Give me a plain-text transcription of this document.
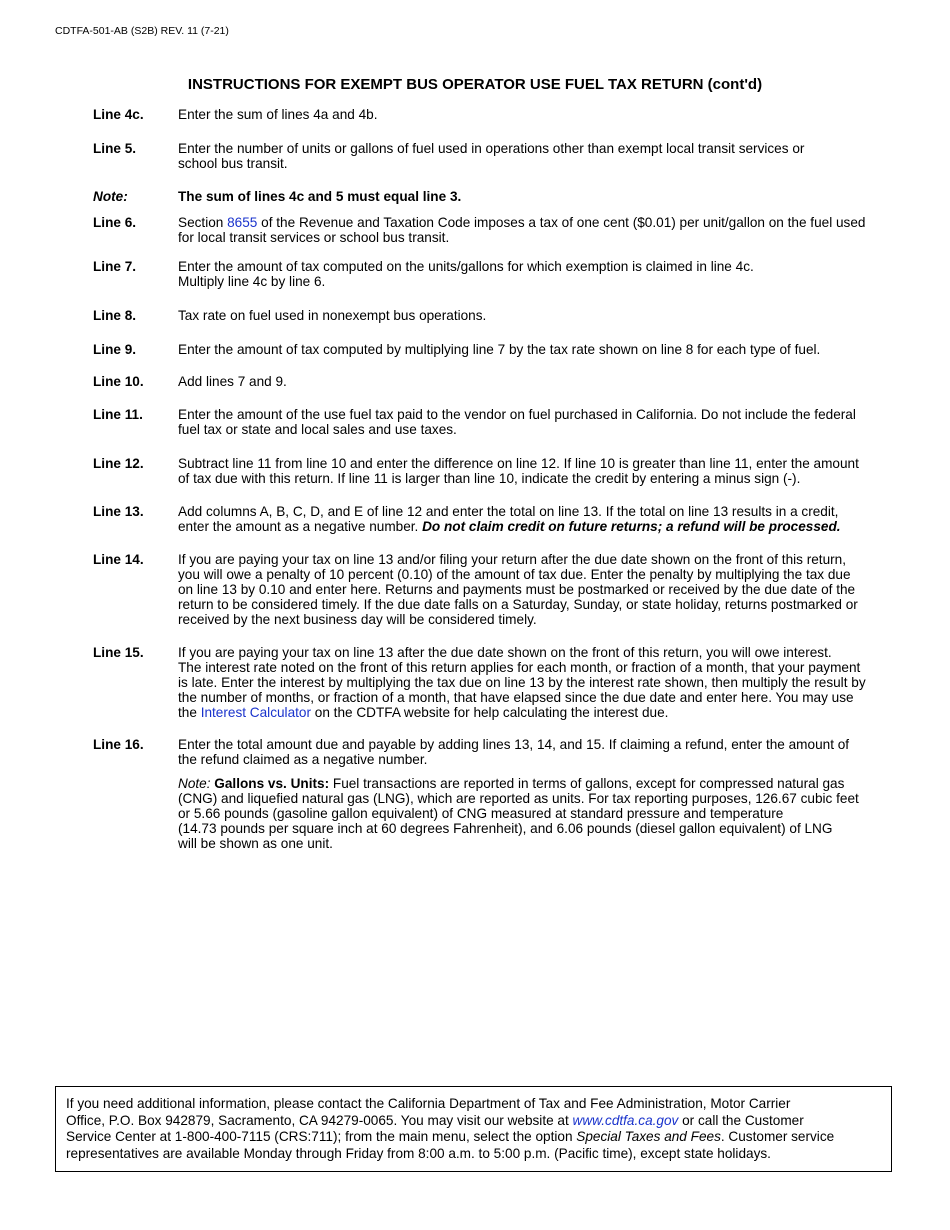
CDTFA-501-AB (S2B) REV. 11 (7-21)
INSTRUCTIONS FOR EXEMPT BUS OPERATOR USE FUEL TAX RETURN (cont'd)
Line 4c.	Enter the sum of lines 4a and 4b.

Line 5.	Enter the number of units or gallons of fuel used in operations other than exempt local transit services or

school bus transit.

Note:	The sum of lines 4c and 5 must equal line 3.

Line 6.	Section 8655 of the Revenue and Taxation Code imposes a tax of one cent ($0.01) per unit/gallon on the fuel used

for local transit services or school bus transit.

Line 7.	Enter the amount of tax computed on the units/gallons for which exemption is claimed in line 4c.

Multiply line 4c by line 6.

Line 8.	Tax rate on fuel used in nonexempt bus operations.

Line 9.	Enter the amount of tax computed by multiplying line 7 by the tax rate shown on line 8 for each type of fuel.

Line 10.	Add lines 7 and 9.

Line 11.	Enter the amount of the use fuel tax paid to the vendor on fuel purchased in California. Do not include the federal

fuel tax or state and local sales and use taxes.

Line 12.	Subtract line 11 from line 10 and enter the difference on line 12. If line 10 is greater than line 11, enter the amount

of tax due with this return. If line 11 is larger than line 10, indicate the credit by entering a minus sign (-).

Line 13.	Add columns A, B, C, D, and E of line 12 and enter the total on line 13. If the total on line 13 results in a credit,

enter the amount as a negative number. Do not claim credit on future returns; a refund will be processed.

Line 14.	If you are paying your tax on line 13 and/or filing your return after the due date shown on the front of this return,

you will owe a penalty of 10 percent (0.10) of the amount of tax due. Enter the penalty by multiplying the tax due

on line 13 by 0.10 and enter here. Returns and payments must be postmarked or received by the due date of the

return to be considered timely. If the due date falls on a Saturday, Sunday, or state holiday, returns postmarked or

received by the next business day will be considered timely.

Line 15.	If you are paying your tax on line 13 after the due date shown on the front of this return, you will owe interest.

The interest rate noted on the front of this return applies for each month, or fraction of a month, that your payment

is late. Enter the interest by multiplying the tax due on line 13 by the interest rate shown, then multiply the result by

the number of months, or fraction of a month, that have elapsed since the due date and enter here. You may use

the Interest Calculator on the CDTFA website for help calculating the interest due.

Line 16.	Enter the total amount due and payable by adding lines 13, 14, and 15. If claiming a refund, enter the amount of

the refund claimed as a negative number.

Note: Gallons vs. Units: Fuel transactions are reported in terms of gallons, except for compressed natural gas

(CNG) and liquefied natural gas (LNG), which are reported as units. For tax reporting purposes, 126.67 cubic feet

or 5.66 pounds (gasoline gallon equivalent) of CNG measured at standard pressure and temperature

(14.73 pounds per square inch at 60 degrees Fahrenheit), and 6.06 pounds (diesel gallon equivalent) of LNG

will be shown as one unit.

If you need additional information, please contact the California Department of Tax and Fee Administration, Motor Carrier

Office, P.O. Box 942879, Sacramento, CA 94279-0065. You may visit our website at www.cdtfa.ca.gov or call the Customer

Service Center at 1-800-400-7115 (CRS:711); from the main menu, select the option Special Taxes and Fees. Customer service

representatives are available Monday through Friday from 8:00 a.m. to 5:00 p.m. (Pacific time), except state holidays.
